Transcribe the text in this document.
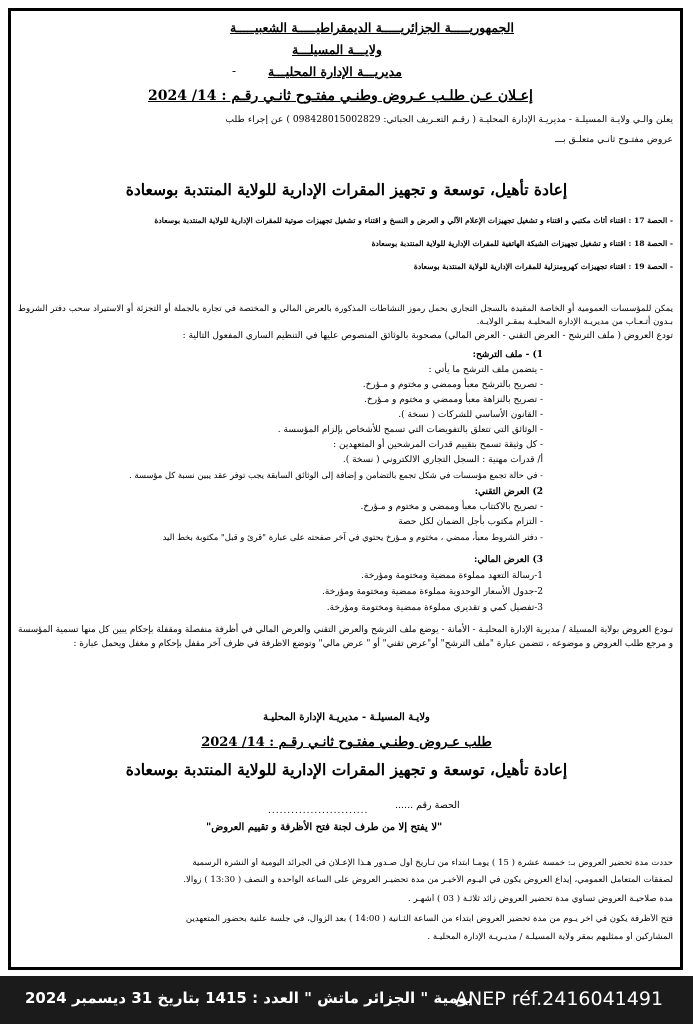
الجمهوريـــــة الجزائريـــــة الديمقراطيـــــة الشعبيـــــة
ولايـــة المسيلـــة
-	مديريـــة الإدارة المحليـــة
إعـلان عـن طلـب عـروض وطنـي مفتـوح ثانـي رقـم : 14/ 2024
يعلن والـي ولايـة المسيلـة - مديريـة الإدارة المحليـة ( رقـم التعـريف الجبائي: 098428015002829 ) عن إجراء طلب
عروض مفتـوح ثانـي متعلـق بـــ
إعادة تأهيل، توسعة و تجهيز المقرات الإدارية للولاية المنتدبة بوسعادة
- الحصة 17 : اقتناء أثاث مكتبي و اقتناء و تشغيل تجهيزات الإعلام الآلي و العرض و النسخ و اقتناء و تشغيل تجهيزات صوتية للمقرات الإدارية للولاية المنتدبة بوسعادة
- الحصة 18 : اقتناء و تشغيل تجهيزات الشبكة الهاتفية للمقرات الإدارية للولاية المنتدبة بوسعادة
- الحصة 19 : اقتناء تجهيزات كهرومنزلية للمقرات الإدارية للولاية المنتدبة بوسعادة
يمكن للمؤسسات العمومية أو الخاصة المقيدة بالسجل التجاري بحمل رموز النشاطات المذكورة بالعرض المالي و المختصة في تجارة بالجملة أو التجزئة أو الاستيراد سحب دفتر الشروط بـدون أتـعـاب من مديريـة الإدارة المحليـة بمقـر الولايـة.
تودع العروض ( ملف الترشح - العرض التقني - العرض المالي) مصحوبة بالوثائق المنصوص عليها في التنظيم الساري المفعول التالية :
1) - ملف الترشح:
- يتضمن ملف الترشح ما يأتي :
- تصريح بالترشح معبأ وممضي و مختوم و مـؤرخ.
- تصريح بالنزاهة معبأ وممضي و مختوم و مـؤرخ.
- القانون الأساسي للشركات ( نسخة ).
- الوثائق التي تتعلق بالتفويضات التي تسمح للأشخاص بإلزام المؤسسة .
- كل وثيقة تسمح بتقييم قدرات المرشحين أو المتعهدين :
أ/ قدرات مهنية : السجل التجاري الالكتروني ( نسخة ).
- في حالة تجمع مؤسسات في شكل تجمع بالتضامن و إضافة إلى الوثائق السابقة يجب توفر عقد يبين نسبة كل مؤسسة .
2) العرض التقني:
- تصريح بالاكتتاب معبأ وممضي و مختوم و مـؤرخ.
- التزام مكتوب بأجل الضمان لكل حصة
- دفتر الشروط معبأ، ممضي ، مختوم و مـؤرخ يحتوي في آخر صفحته على عبارة "قرئ و قبل" مكتوبة بخط اليد
3) العرض المالي:
1-رسالة التعهد مملوءة ممضية ومختومة ومؤرخة.
2-جدول الأسعار الوحدوية مملوءة ممضية ومختومة ومؤرخة.
3-تفصيل كمي و تقديري مملوءة ممضية ومختومة ومؤرخة.
تـودع العروض بولاية المسيلة / مديرية الإدارة المحليـة - الأمانة - يوضع ملف الترشح والعرض التقني والعرض المالي في أظرفة منفصلة ومقفلة بإحكام يبين كل منها تسمية المؤسسة و مرجع طلب العروض و موضوعه ، تتضمن عبارة "ملف الترشح" أو"عرض تقني" أو " عرض مالي" وتوضع الاظرفة في ظرف آخر مقفل بإحكام و مغفل ويحمل عبارة :
ولايـة المسيلـة - مديريـة الإدارة المحليـة
طلب عـروض وطنـي مفتـوح ثانـي رقـم : 14/ 2024
إعادة تأهيل، توسعة و تجهيز المقرات الإدارية للولاية المنتدبة بوسعادة
الحصة رقم ......
..........................
"لا يفتح إلا من طرف لجنة فتح الأظرفة و تقييم العروض"
حددت مدة تحضير العروض بـ: خمسة عشرة ( 15 ) يومـا ابتداء من تـاريخ أول صـدور هـذا الإعـلان في الجرائد اليومية أو النشرة الرسمية
لصفقات المتعامل العمومي، إيداع العروض يكون في اليـوم الأخيـر من مدة تحضيـر العروض على الساعة الواحدة و النصف ( 13:30 ) زوالا.
مدة صلاحيـة العروض تساوي مدة تحضير العروض زائد ثلاثـة ( 03 ) أشهـر .
فتح الأظرفة يكون في آخر يـوم من مدة تحضير العروض ابتداء من الساعة الثـانية ( 14:00 ) بعد الزوال، في جلسة علنية بحضور المتعهدين
المشاركين أو ممثليهم بمقر ولاية المسيلـة / مديـريـة الإدارة المحليـة .
ANEP réf.2416041491
يومية " الجزائر ماتش " العدد : 1415 بتاريخ 31 ديسمبر 2024
